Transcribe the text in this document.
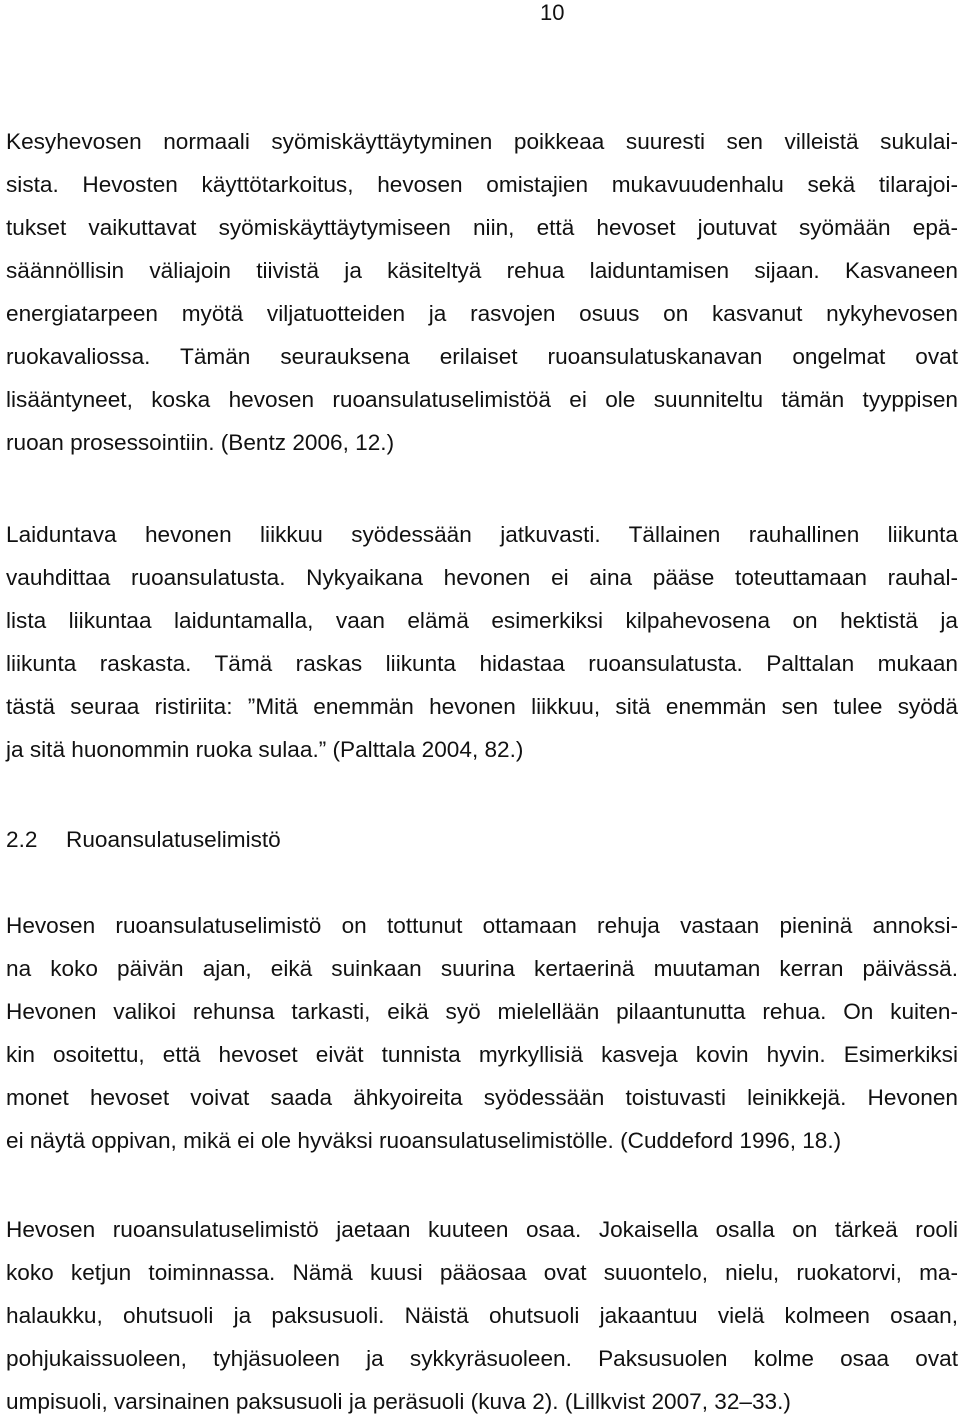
10
Kesyhevosen normaali syömiskäyttäytyminen poikkeaa suuresti sen villeistä sukulai-
sista. Hevosten käyttötarkoitus, hevosen omistajien mukavuudenhalu sekä tilarajoi-
tukset vaikuttavat syömiskäyttäytymiseen niin, että hevoset joutuvat syömään epä-
säännöllisin väliajoin tiivistä ja käsiteltyä rehua laiduntamisen sijaan. Kasvaneen
energiatarpeen myötä viljatuotteiden ja rasvojen osuus on kasvanut nykyhevosen
ruokavaliossa. Tämän seurauksena erilaiset ruoansulatuskanavan ongelmat ovat
lisääntyneet, koska hevosen ruoansulatuselimistöä ei ole suunniteltu tämän tyyppisen
ruoan prosessointiin. (Bentz 2006, 12.)
Laiduntava hevonen liikkuu syödessään jatkuvasti. Tällainen rauhallinen liikunta
vauhdittaa ruoansulatusta. Nykyaikana hevonen ei aina pääse toteuttamaan rauhal-
lista liikuntaa laiduntamalla, vaan elämä esimerkiksi kilpahevosena on hektistä ja
liikunta raskasta. Tämä raskas liikunta hidastaa ruoansulatusta. Palttalan mukaan
tästä seuraa ristiriita: ”Mitä enemmän hevonen liikkuu, sitä enemmän sen tulee syödä
ja sitä huonommin ruoka sulaa.” (Palttala 2004, 82.)
2.2 Ruoansulatuselimistö
Hevosen ruoansulatuselimistö on tottunut ottamaan rehuja vastaan pieninä annoksi-
na koko päivän ajan, eikä suinkaan suurina kertaerinä muutaman kerran päivässä.
Hevonen valikoi rehunsa tarkasti, eikä syö mielellään pilaantunutta rehua. On kuiten-
kin osoitettu, että hevoset eivät tunnista myrkyllisiä kasveja kovin hyvin. Esimerkiksi
monet hevoset voivat saada ähkyoireita syödessään toistuvasti leinikkejä. Hevonen
ei näytä oppivan, mikä ei ole hyväksi ruoansulatuselimistölle. (Cuddeford 1996, 18.)
Hevosen ruoansulatuselimistö jaetaan kuuteen osaa. Jokaisella osalla on tärkeä rooli
koko ketjun toiminnassa. Nämä kuusi pääosaa ovat suuontelo, nielu, ruokatorvi, ma-
halaukku, ohutsuoli ja paksusuoli. Näistä ohutsuoli jakaantuu vielä kolmeen osaan,
pohjukaissuoleen, tyhjäsuoleen ja sykkyräsuoleen. Paksusuolen kolme osaa ovat
umpisuoli, varsinainen paksusuoli ja peräsuoli (kuva 2). (Lillkvist 2007, 32–33.)
